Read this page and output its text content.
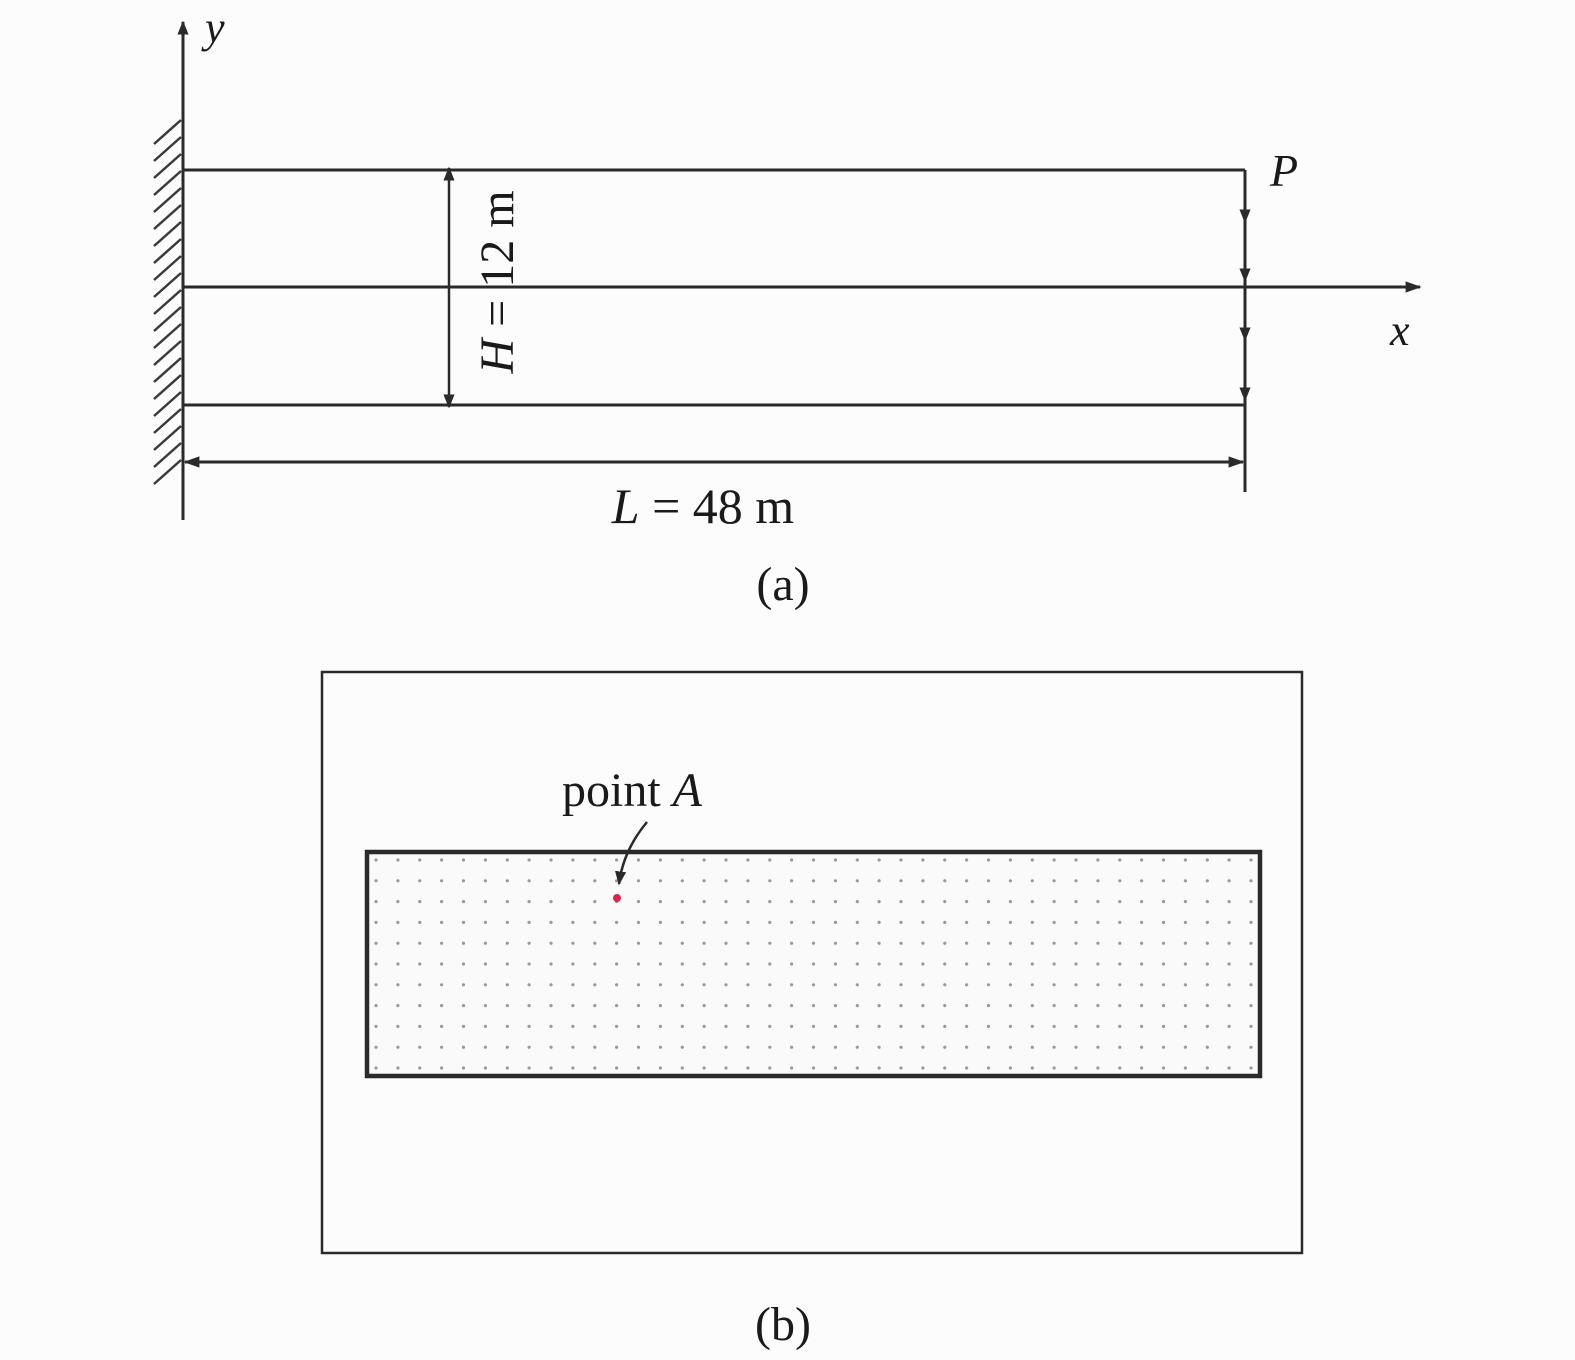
y
x
P
H = 12 m
L = 48 m
(a)
point A
(b)
